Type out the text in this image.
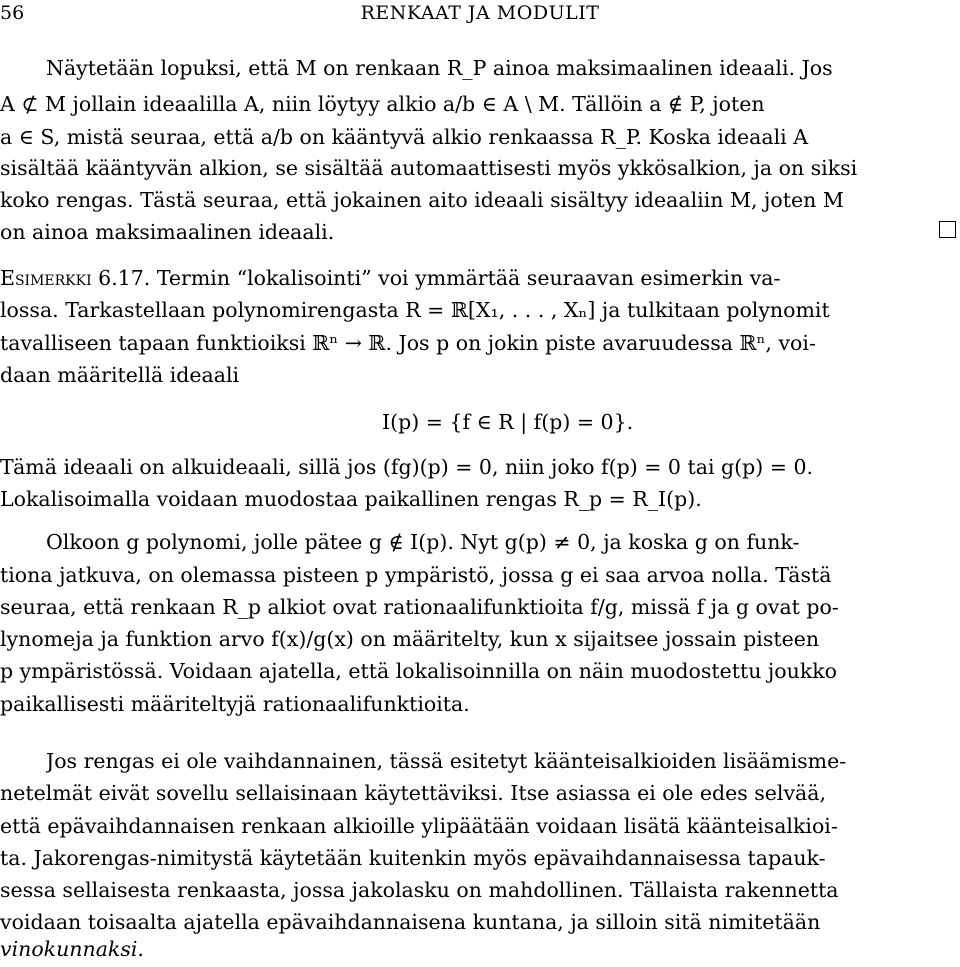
56	RENKAAT JA MODULIT
Näytetään lopuksi, että M on renkaan R_P ainoa maksimaalinen ideaali. Jos
A ⊄ M jollain ideaalilla A, niin löytyy alkio a/b ∈ A \ M. Tällöin a ∉ P, joten
a ∈ S, mistä seuraa, että a/b on kääntyvä alkio renkaassa R_P. Koska ideaali A
sisältää kääntyvän alkion, se sisältää automaattisesti myös ykkösalkion, ja on siksi
koko rengas. Tästä seuraa, että jokainen aito ideaali sisältyy ideaaliin M, joten M
on ainoa maksimaalinen ideaali.
Esimerkki 6.17. Termin “lokalisointi” voi ymmärtää seuraavan esimerkin va-
lossa. Tarkastellaan polynomirengasta R = ℝ[X₁, . . . , Xₙ] ja tulkitaan polynomit
tavalliseen tapaan funktioiksi ℝⁿ → ℝ. Jos p on jokin piste avaruudessa ℝⁿ, voi-
daan määritellä ideaali
I(p) = {f ∈ R | f(p) = 0}.
Tämä ideaali on alkuideaali, sillä jos (fg)(p) = 0, niin joko f(p) = 0 tai g(p) = 0.
Lokalisoimalla voidaan muodostaa paikallinen rengas R_p = R_I(p).
Olkoon g polynomi, jolle pätee g ∉ I(p). Nyt g(p) ≠ 0, ja koska g on funk-
tiona jatkuva, on olemassa pisteen p ympäristö, jossa g ei saa arvoa nolla. Tästä
seuraa, että renkaan R_p alkiot ovat rationaalifunktioita f/g, missä f ja g ovat po-
lynomeja ja funktion arvo f(x)/g(x) on määritelty, kun x sijaitsee jossain pisteen
p ympäristössä. Voidaan ajatella, että lokalisoinnilla on näin muodostettu joukko
paikallisesti määriteltyjä rationaalifunktioita.
Jos rengas ei ole vaihdannainen, tässä esitetyt käänteisalkioiden lisäämisme-
netelmät eivät sovellu sellaisinaan käytettäviksi. Itse asiassa ei ole edes selvää,
että epävaihdannaisen renkaan alkioille ylipäätään voidaan lisätä käänteisalkioi-
ta. Jakorengas-nimitystä käytetään kuitenkin myös epävaihdannaisessa tapauk-
sessa sellaisesta renkaasta, jossa jakolasku on mahdollinen. Tällaista rakennetta
voidaan toisaalta ajatella epävaihdannaisena kuntana, ja silloin sitä nimitetään
vinokunnaksi.
